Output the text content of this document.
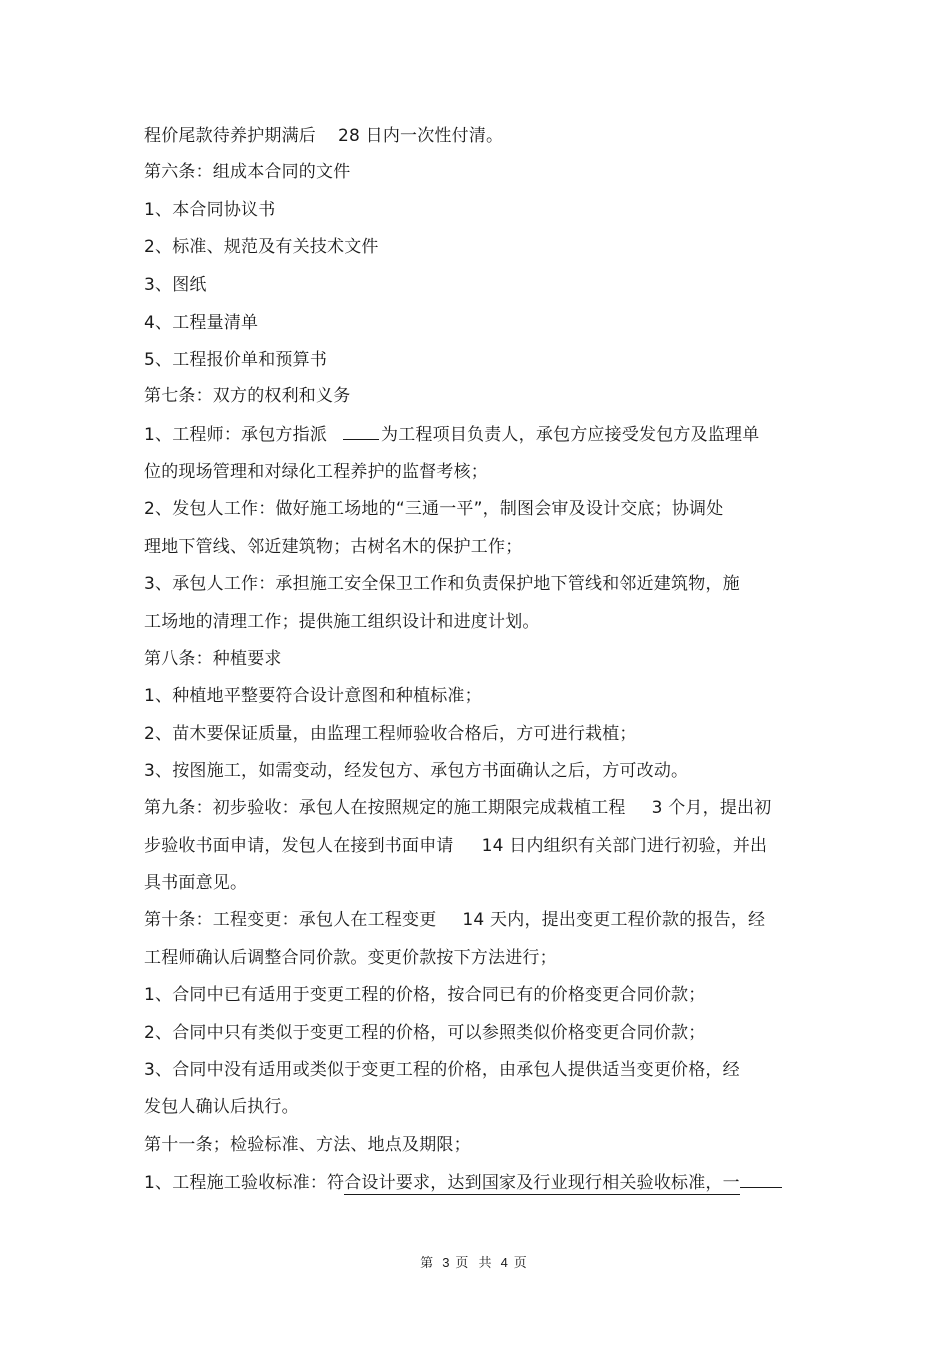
程价尾款待养护期满后 28 日内一次性付清。
第六条：组成本合同的文件
1、本合同协议书
2、标准、规范及有关技术文件
3、图纸
4、工程量清单
5、工程报价单和预算书
第七条：双方的权利和义务
1、工程师：承包方指派	为工程项目负责人，承包方应接受发包方及监理单
位的现场管理和对绿化工程养护的监督考核；
2、发包人工作：做好施工场地的“三通一平”，制图会审及设计交底；协调处
理地下管线、邻近建筑物；古树名木的保护工作；
3、承包人工作：承担施工安全保卫工作和负责保护地下管线和邻近建筑物，施
工场地的清理工作；提供施工组织设计和进度计划。
第八条：种植要求
1、种植地平整要符合设计意图和种植标准；
2、苗木要保证质量，由监理工程师验收合格后，方可进行栽植；
3、按图施工，如需变动，经发包方、承包方书面确认之后，方可改动。
第九条：初步验收：承包人在按照规定的施工期限完成栽植工程 3 个月，提出初
步验收书面申请，发包人在接到书面申请 14 日内组织有关部门进行初验，并出
具书面意见。
第十条：工程变更：承包人在工程变更 14 天内，提出变更工程价款的报告，经
工程师确认后调整合同价款。变更价款按下方法进行；
1、合同中已有适用于变更工程的价格，按合同已有的价格变更合同价款；
2、合同中只有类似于变更工程的价格，可以参照类似价格变更合同价款；
3、合同中没有适用或类似于变更工程的价格，由承包人提供适当变更价格，经
发包人确认后执行。
第十一条；检验标准、方法、地点及期限；
1、工程施工验收标准：符合设计要求，达到国家及行业现行相关验收标准，一
第 3 页 共 4 页
